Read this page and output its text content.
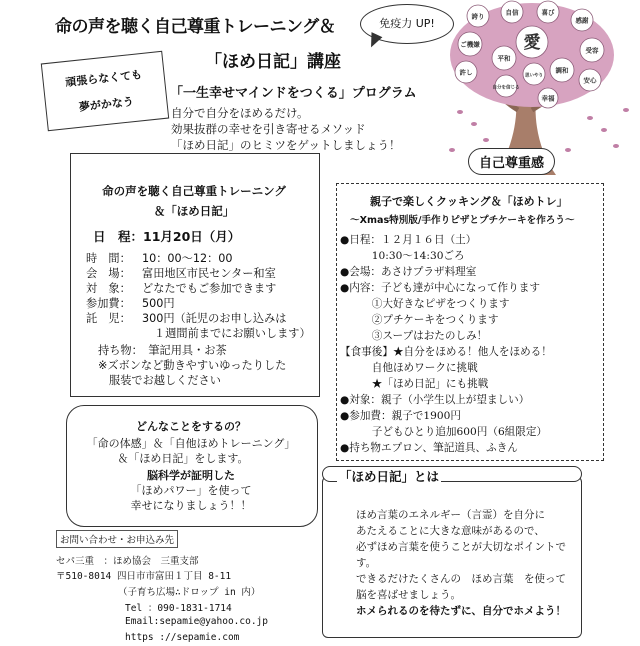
命の声を聴く自己尊重トレーニング＆	免疫力 UP!
「ほめ日記」講座
頑張らなくても
夢がかなう
「一生幸せマインドをつくる」プログラム
自分で自分をほめるだけ。
効果抜群の幸せを引き寄せるメソッド
「ほめ日記」のヒミツをゲットしましょう！
誇り	自信	喜び
感謝
ご機嫌
受容
愛
平和
許し
自分を信じる
思いやり
調和
安心
幸福
自己尊重感
命の声を聴く自己尊重トレーニング
＆「ほめ日記」
日　程：11月20日（月）
時　間：	10：00〜12：00
会　場：	富田地区市民センター和室
対　象：	どなたでもご参加できます
参加費：	500円
託　児：	300円（託児のお申し込みは
１週間前までにお願いします）
持ち物：　筆記用具・お茶
※ズボンなど動きやすいゆったりした
服装でお越しください
どんなことをするの？
「命の体感」＆「自他ほめトレーニング」
＆「ほめ日記」をします。
脳科学が証明した
「ほめパワー」を使って
幸せになりましょう！！
お問い合わせ・お申込み先
セパ三重　：ほめ協会　三重支部
〒510-8014 四日市市富田１丁目 8-11
（子育ち広場∴ドロップ in 内）
Tel ：090-1831-1714
Email:sepamie@yahoo.co.jp
https ://sepamie.com
親子で楽しくクッキング＆「ほめトレ」
〜Xmas特別版/手作りピザとプチケーキを作ろう〜
●日程：１２月１６日（土）
　　　10:30〜14:30ごろ
●会場：あさけプラザ料理室
●内容：子ども達が中心になって作ります
　　　①大好きなピザをつくります
　　　②プチケーキをつくります
　　　③スープはおたのしみ！
【食事後】★自分をほめる！他人をほめる！
　　　自他ほめワークに挑戦
　　　★「ほめ日記」にも挑戦
●対象：親子（小学生以上が望ましい）
●参加費：親子で1900円
　　　子どもひとり追加600円（6組限定）
●持ち物エプロン、筆記道具、ふきん
「ほめ日記」とは
ほめ言葉のエネルギー（言霊）を自分に
あたえることに大きな意味があるので、
必ずほめ言葉を使うことが大切なポイントで
す。
できるだけたくさんの　ほめ言葉　を使って
脳を喜ばせましょう。
ホメられるのを待たずに、自分でホメよう！
